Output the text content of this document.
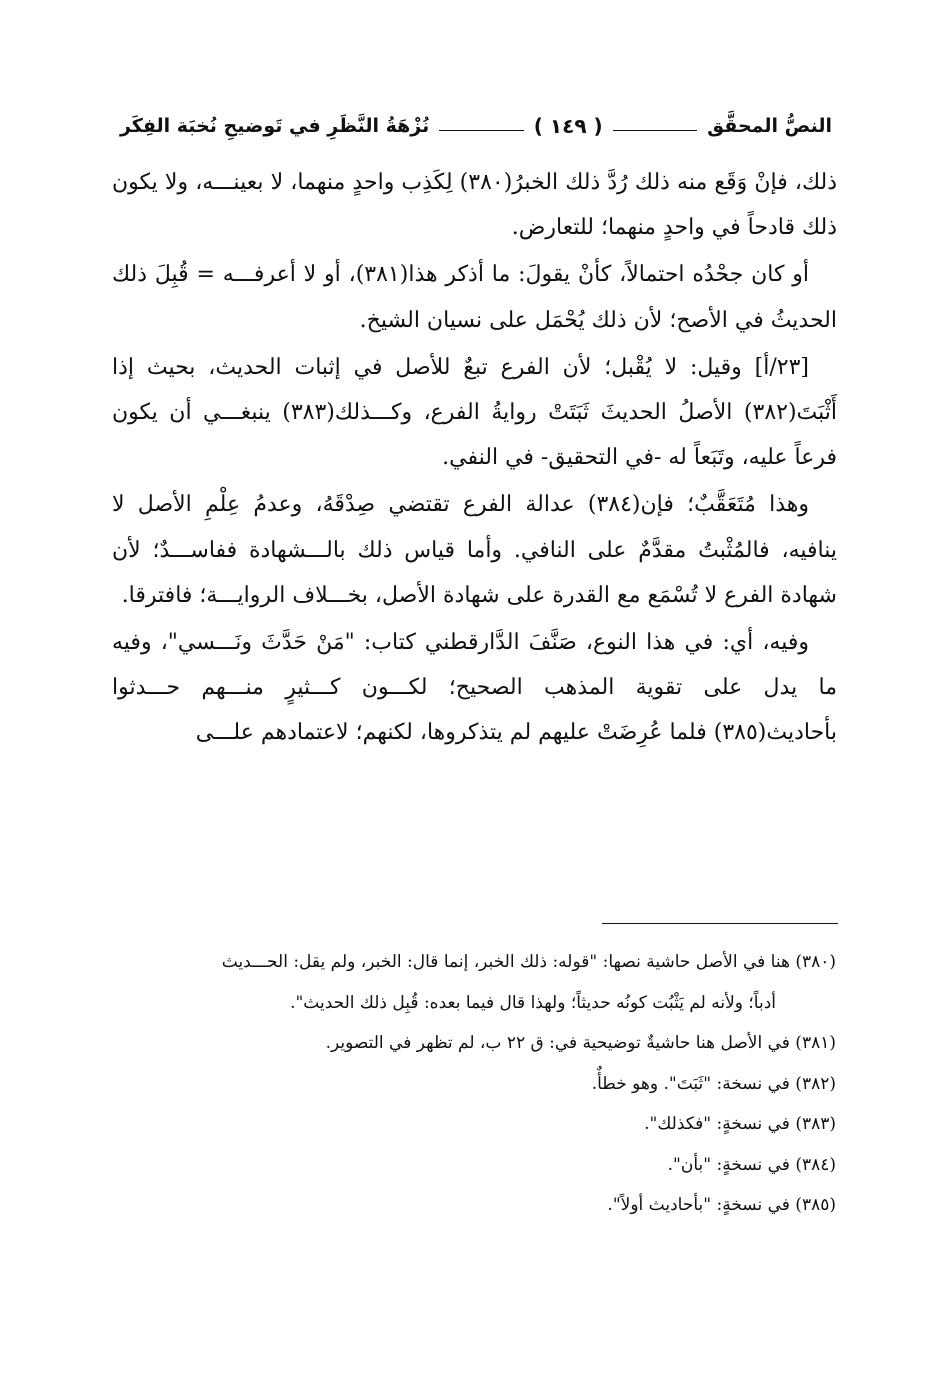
النصُّ المحقَّق
( ١٤٩ )
نُزْهَةُ النَّظَرِ في تَوضيحِ نُخبَة الفِكَر

ذلك، فإنْ وَقَع منه ذلك رُدَّ ذلك الخبرُ(٣٨٠) لِكَذِب واحدٍ منهما، لا بعينـــه، ولا يكون ذلك قادحاً في واحدٍ منهما؛ للتعارض.

أو كان جحْدُه احتمالاً، كأنْ يقولَ: ما أذكر هذا(٣٨١)، أو لا أعرفـــه = قُبِلَ ذلك الحديثُ في الأصح؛ لأن ذلك يُحْمَل على نسيان الشيخ.

[٢٣/أ] وقيل: لا يُقْبل؛ لأن الفرع تبعٌ للأصل في إثبات الحديث، بحيث إذا أَثْبَتَ(٣٨٢) الأصلُ الحديثَ ثَبَتَتْ روايةُ الفرع، وكـــذلك(٣٨٣) ينبغـــي أن يكون فرعاً عليه، وتَبَعاً له -في التحقيق- في النفي.

وهذا مُتَعَقَّبٌ؛ فإن(٣٨٤) عدالة الفرع تقتضي صِدْقَهُ، وعدمُ عِلْمِ الأصل لا ينافيه، فالمُثْبتُ مقدَّمٌ على النافي. وأما قياس ذلك بالـــشهادة ففاســـدٌ؛ لأن شهادة الفرع لا تُسْمَع مع القدرة على شهادة الأصل، بخـــلاف الروايـــة؛ فافترقا.

وفيه، أي: في هذا النوع، صَنَّفَ الدَّارقطني كتاب: "مَنْ حَدَّثَ ونَـــسي"، وفيه ما يدل على تقوية المذهب الصحيح؛ لكـــون كـــثيرٍ منـــهم حـــدثوا بأحاديث(٣٨٥) فلما عُرِضَتْ عليهم لم يتذكروها، لكنهم؛ لاعتمادهم علـــى

(٣٨٠) هنا في الأصل حاشية نصها: "قوله: ذلك الخبر، إنما قال: الخبر، ولم يقل: الحـــديث

أدباً؛ ولأنه لم يَثْبُت كونُه حديثاً؛ ولهذا قال فيما بعده: قُبِل ذلك الحديث".

(٣٨١) في الأصل هنا حاشيةٌ توضيحية في: ق ٢٢ ب، لم تظهر في التصوير.

(٣٨٢) في نسخة: "ثَبَتَ". وهو خطأٌ.

(٣٨٣) في نسخةٍ: "فكذلك".

(٣٨٤) في نسخةٍ: "بأن".

(٣٨٥) في نسخةٍ: "بأحاديث أولاً".
